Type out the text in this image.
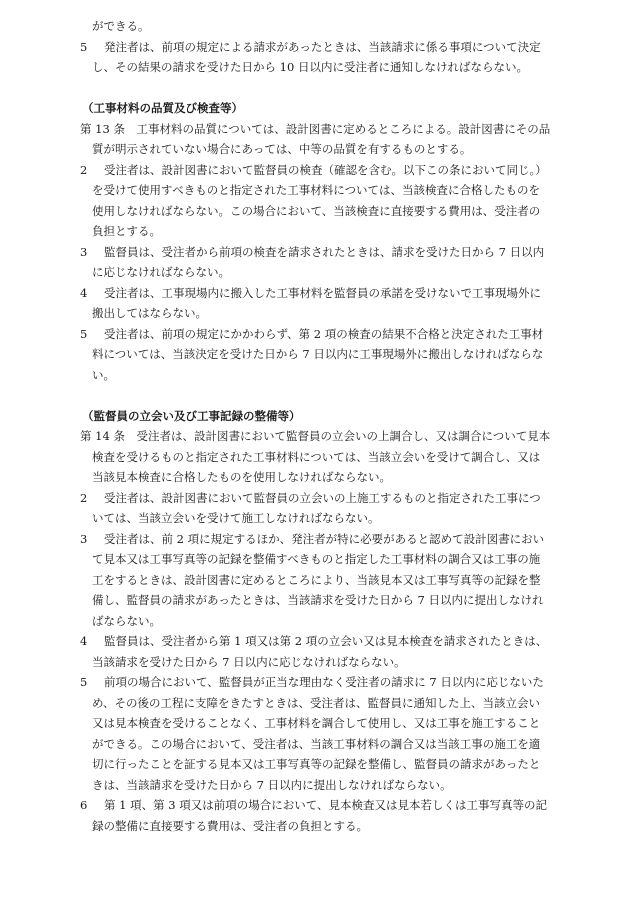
ができる。
5 発注者は、前項の規定による請求があったときは、当該請求に係る事項について決定
し、その結果の請求を受けた日から 10 日以内に受注者に通知しなければならない。
（工事材料の品質及び検査等）
第 13 条　工事材料の品質については、設計図書に定めるところによる。設計図書にその品
質が明示されていない場合にあっては、中等の品質を有するものとする。
2 受注者は、設計図書において監督員の検査（確認を含む。以下この条において同じ。）
を受けて使用すべきものと指定された工事材料については、当該検査に合格したものを
使用しなければならない。この場合において、当該検査に直接要する費用は、受注者の
負担とする。
3 監督員は、受注者から前項の検査を請求されたときは、請求を受けた日から 7 日以内
に応じなければならない。
4 受注者は、工事現場内に搬入した工事材料を監督員の承諾を受けないで工事現場外に
搬出してはならない。
5 受注者は、前項の規定にかかわらず、第 2 項の検査の結果不合格と決定された工事材
料については、当該決定を受けた日から 7 日以内に工事現場外に搬出しなければならな
い。
（監督員の立会い及び工事記録の整備等）
第 14 条　受注者は、設計図書において監督員の立会いの上調合し、又は調合について見本
検査を受けるものと指定された工事材料については、当該立会いを受けて調合し、又は
当該見本検査に合格したものを使用しなければならない。
2 受注者は、設計図書において監督員の立会いの上施工するものと指定された工事につ
いては、当該立会いを受けて施工しなければならない。
3 受注者は、前 2 項に規定するほか、発注者が特に必要があると認めて設計図書におい
て見本又は工事写真等の記録を整備すべきものと指定した工事材料の調合又は工事の施
工をするときは、設計図書に定めるところにより、当該見本又は工事写真等の記録を整
備し、監督員の請求があったときは、当該請求を受けた日から 7 日以内に提出しなけれ
ばならない。
4 監督員は、受注者から第 1 項又は第 2 項の立会い又は見本検査を請求されたときは、
当該請求を受けた日から 7 日以内に応じなければならない。
5 前項の場合において、監督員が正当な理由なく受注者の請求に 7 日以内に応じないた
め、その後の工程に支障をきたすときは、受注者は、監督員に通知した上、当該立会い
又は見本検査を受けることなく、工事材料を調合して使用し、又は工事を施工すること
ができる。この場合において、受注者は、当該工事材料の調合又は当該工事の施工を適
切に行ったことを証する見本又は工事写真等の記録を整備し、監督員の請求があったと
きは、当該請求を受けた日から 7 日以内に提出しなければならない。
6 第 1 項、第 3 項又は前項の場合において、見本検査又は見本若しくは工事写真等の記
録の整備に直接要する費用は、受注者の負担とする。
